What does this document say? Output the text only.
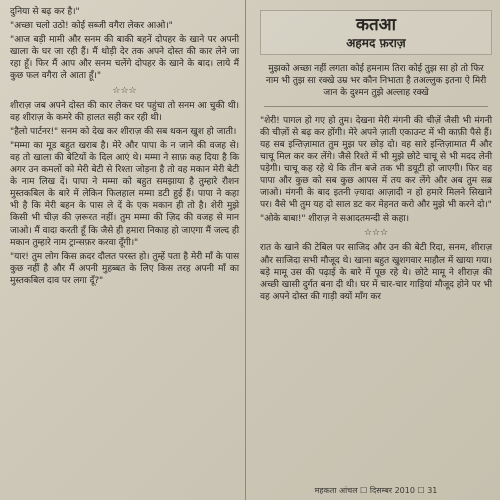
दुनिया से बढ़ कर है।"

"अच्छा चलो उठो! कोई सब्जी वगैरा लेकर आओ।"

"आज बड़ी मामी और सनम की बाकी बहनें दोपहर के खाने पर अपनी खाला के घर जा रही हैं। मैं थोड़ी देर तक अपने दोस्त की कार लेने जा रहा हूँ। फिर मैं आप और सनम चलेंगे दोपहर के खाने के बाद। लाये मैं कुछ फल वगैरा ले आता हूँ।"

☆☆☆

शीराज़ जब अपने दोस्त की कार लेकर घर पहुंचा तो सनम आ चुकी थी। वह शीराज़ के कमरे की हालत सही कर रही थी।

"हैलो पार्टनर!" सनम को देख कर शीराज़ की सब थकन खुश हो जाती।

"मम्मा का मूड बहुत खराब है। मेरे और पापा के न जाने की वजह से। वह तो खाला की बेटियों के दिल आएं थे। मम्मा ने साफ़ कह दिया है कि अगर उन कमलों को मेरी बेटी से रिश्ता जोड़ना है तो वह मकान मेरी बेटी के नाम लिख दें। पापा ने मम्मा को बहुत समझाया है तुम्हारे रौशन मुस्तकबिल के बारे में लेकिन फिलहाल मम्मा डटी हुई हैं। पापा ने कहा भी है कि मेरी बहन के पास ले दें के एक मकान ही तो है। शेरी मुझे किसी भी चीज़ की ज़रूरत नहीं। तुम मम्मा की ज़िद की वजह से मान जाओ। मैं वादा करती हूँ कि जैसे ही हमारा निकाह हो जाएगा मैं जल्द ही मकान तुम्हारे नाम ट्रान्सफ़र करवा दूँगी।"

"यार! तुम लोग किस क़दर दौलत परस्त हो। तुम्हें पता है मेरी माँ के पास कुछ नहीं है और मैं अपनी मुहब्बत के लिए किस तरह अपनी माँ का मुस्तकबिल दाव पर लगा दूँ?"

कतआ

अहमद फ़राज़

मुझको अच्छा नहीं लगता कोई हमनाम तिरा कोई तुझ सा हो तो फिर नाम भी तुझ सा रक्खे उम्र भर कौन निभाता है तअल्लुक इतना ऐ मिरी जान के दुश्मन तुझे अल्लाह रक्खे

"शेरी! पागल हो गए हो तुम। देखना मेरी मंगनी की चीज़ें जैसी भी मंगनी की चीज़ों से बढ़ कर होंगी। मेरे अपने ज़ाती एकाउन्ट में भी काफ़ी पैसे हैं। यह सब इन्तिज़ामात तुम मुझ पर छोड़ दो। वह सारे इन्तिज़ामात मैं और चाचू मिल कर कर लेंगे। जैसे रिश्ते में भी मुझे छोटे चाचू से भी मदद लेनी पड़ेगी। चाचू कह रहे थे कि तीन बजे तक भी डयूटी हो जाएगी। फिर वह पापा और कुछ को सब कुछ आपस में तय कर लेंगे और अब तुम सब्र जाओ। मंगनी के बाद इतनी ज़्यादा आज़ादी न हो हमारे मिलने सिखाने पर। वैसे भी तुम यह दो साल डट कर मेहनत करो और मुझे भी करने दो।"

"ओके बाबा!" शीराज़ ने सआदतमन्दी से कहा।

☆☆☆

रात के खाने की टेबिल पर साजिद और उन की बेटी रिदा, सनम, शीराज़ और साजिदा सभी मौजूद थे। खाना बहुत खुशगवार माहौल में खाया गया। बड़े मामू उस की पढ़ाई के बारे में पूछ रहे थे। छोटे मामू ने शीराज़ की अच्छी खासी दुर्गत बना दी थी। घर में चार-चार गाड़ियां मौजूद होने पर भी वह अपने दोस्त की गाड़ी क्यों माँग कर

महकता आंचल ☐ दिसम्बर 2010 ☐ 31
